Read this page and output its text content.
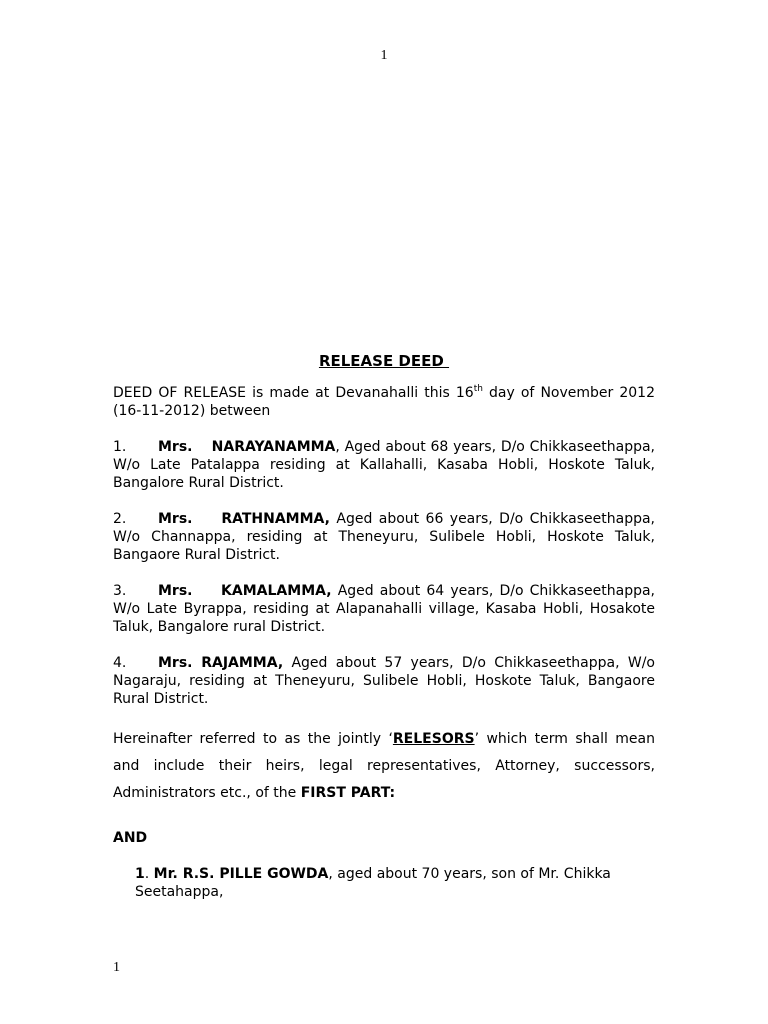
1
RELEASE DEED

DEED OF RELEASE is made at Devanahalli this 16th day of November 2012 (16-11-2012) between

1. Mrs. NARAYANAMMA, Aged about 68 years, D/o Chikkaseethappa, W/o Late Patalappa residing at Kallahalli, Kasaba Hobli, Hoskote Taluk, Bangalore Rural District.

2. Mrs. RATHNAMMA, Aged about 66 years, D/o Chikkaseethappa, W/o Channappa, residing at Theneyuru, Sulibele Hobli, Hoskote Taluk, Bangaore Rural District.

3. Mrs. KAMALAMMA, Aged about 64 years, D/o Chikkaseethappa, W/o Late Byrappa, residing at Alapanahalli village, Kasaba Hobli, Hosakote Taluk, Bangalore rural District.

4. Mrs. RAJAMMA, Aged about 57 years, D/o Chikkaseethappa, W/o Nagaraju, residing at Theneyuru, Sulibele Hobli, Hoskote Taluk, Bangaore Rural District.

Hereinafter referred to as the jointly ‘RELESORS’ which term shall mean and include their heirs, legal representatives, Attorney, successors, Administrators etc., of the FIRST PART:

AND

1. Mr. R.S. PILLE GOWDA, aged about 70 years, son of Mr. Chikka Seetahappa,

1
